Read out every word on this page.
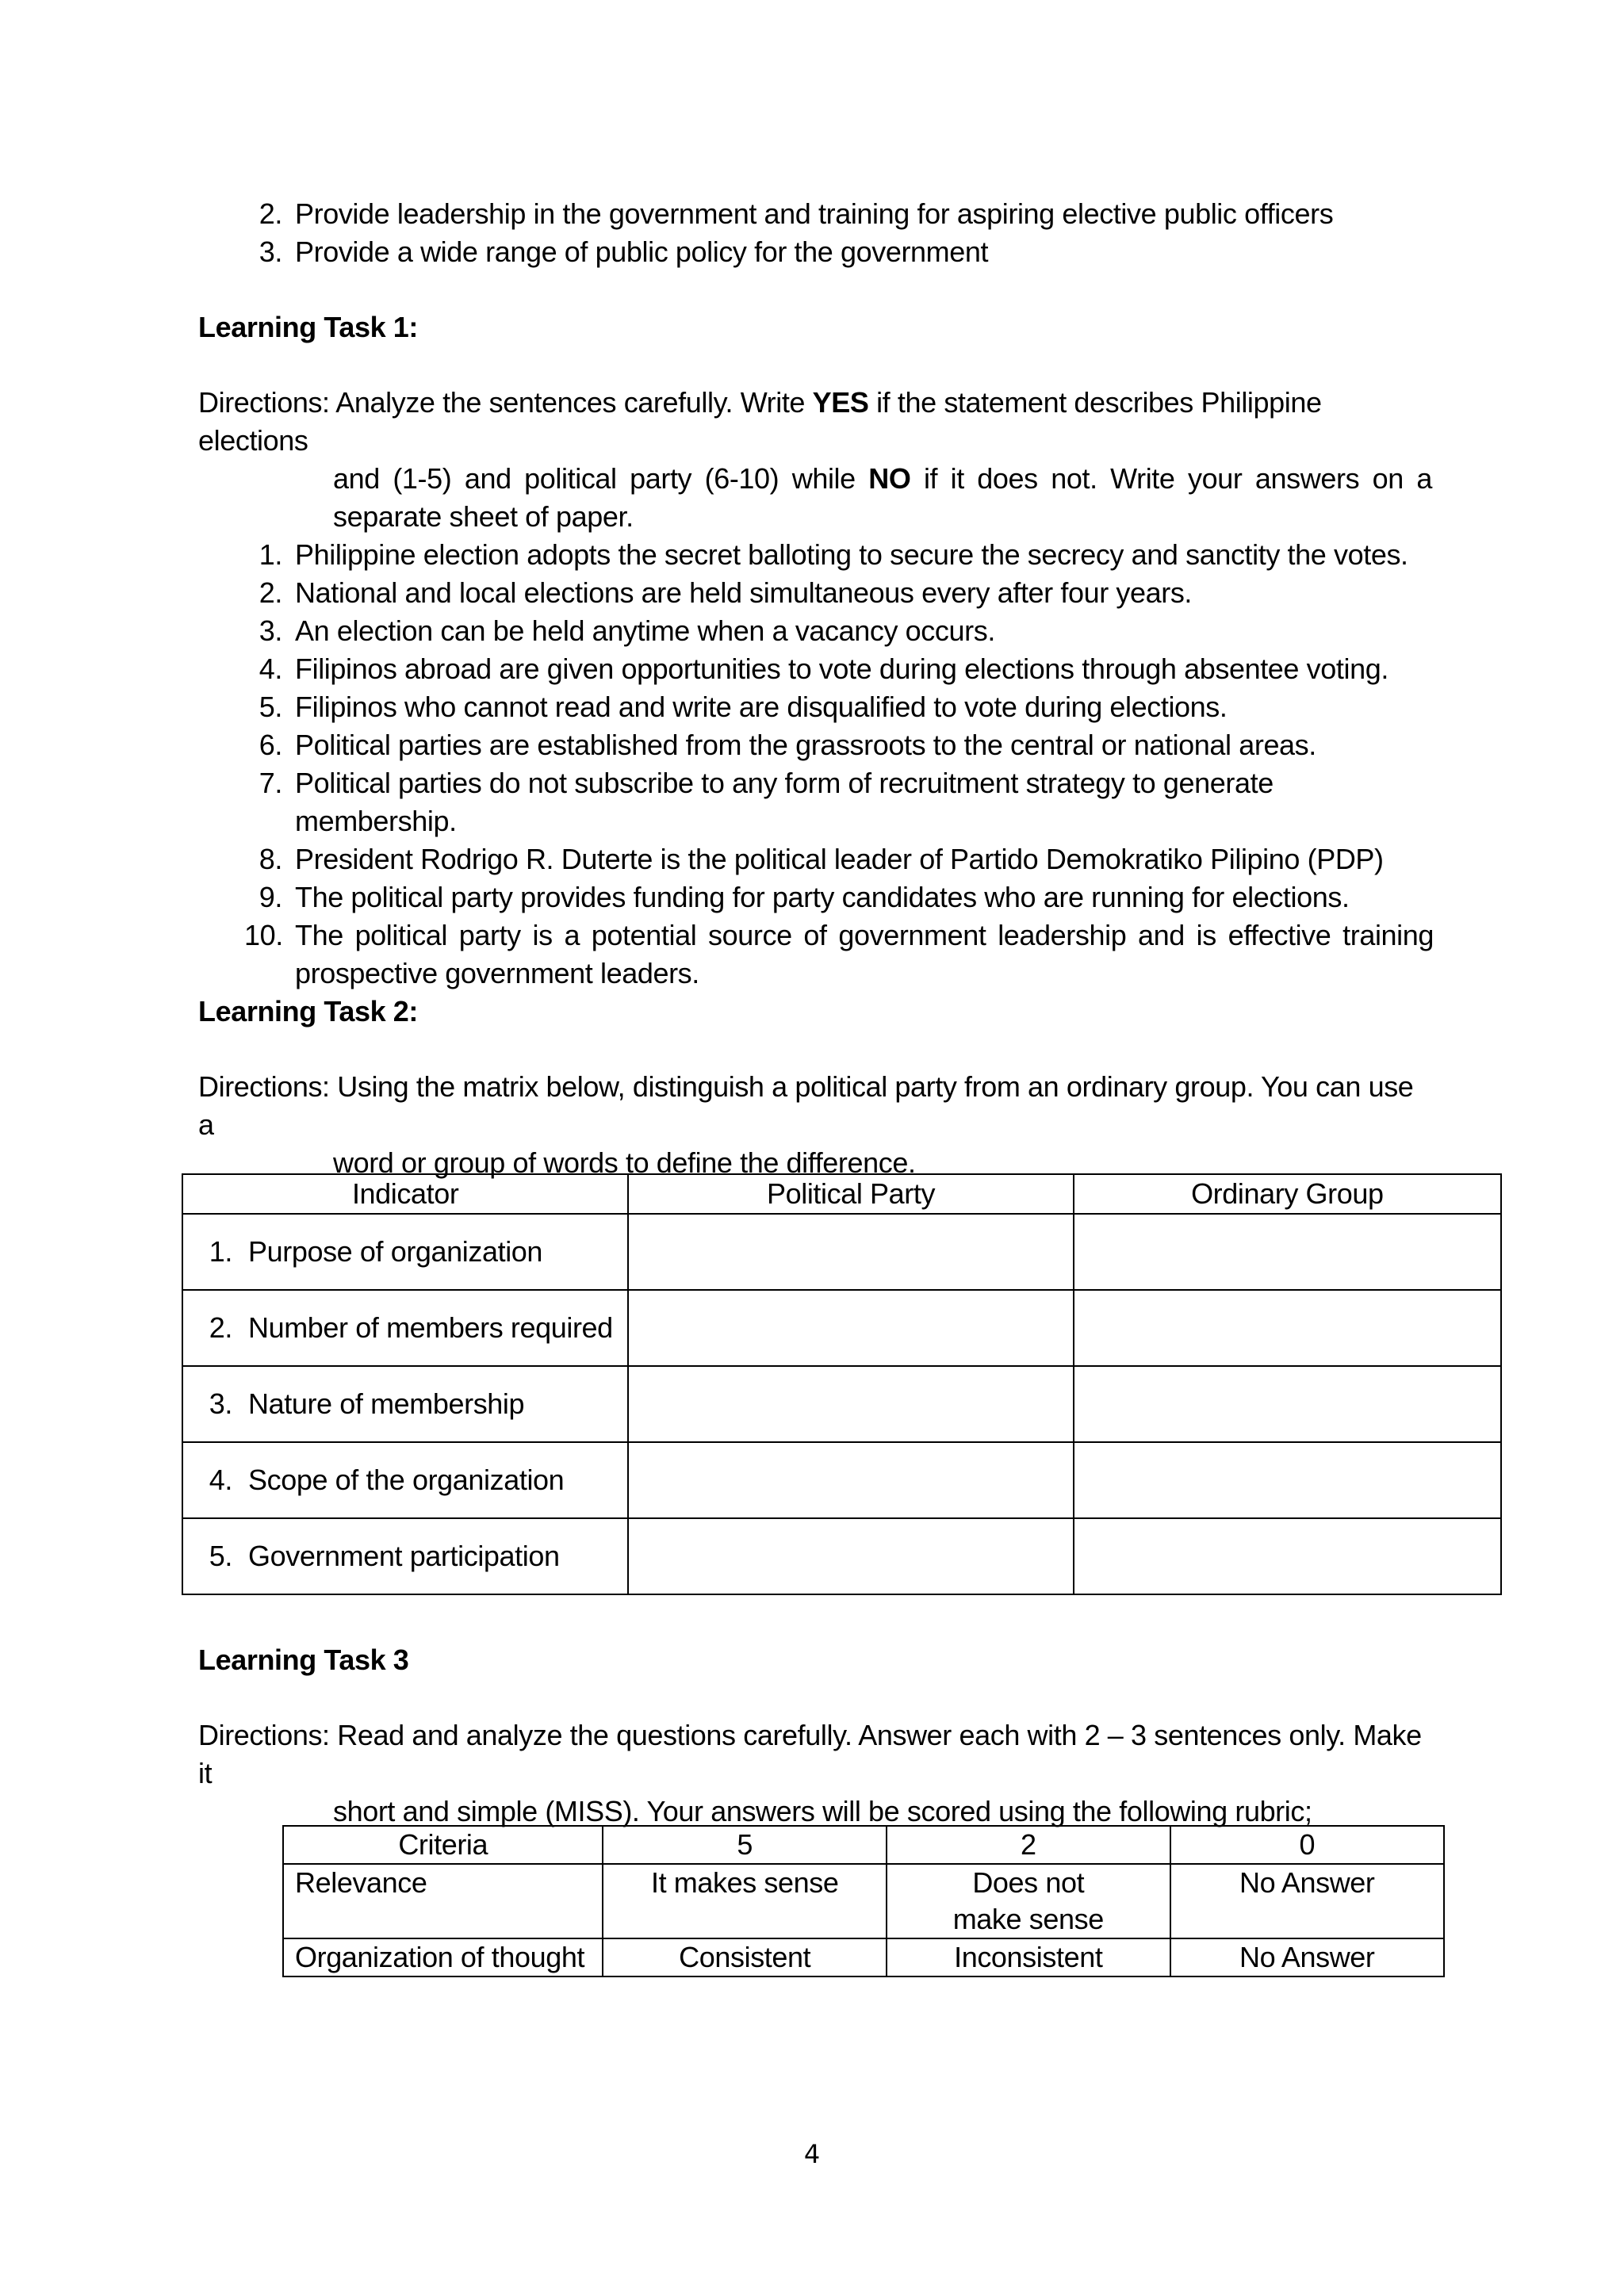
2. Provide leadership in the government and training for aspiring elective public officers
3. Provide a wide range of public policy for the government
Learning Task 1:
Directions: Analyze the sentences carefully. Write YES if the statement describes Philippine elections
and (1-5) and political party (6-10) while NO if it does not. Write your answers on a separate sheet of paper.
1. Philippine election adopts the secret balloting to secure the secrecy and sanctity the votes.
2. National and local elections are held simultaneous every after four years.
3. An election can be held anytime when a vacancy occurs.
4. Filipinos abroad are given opportunities to vote during elections through absentee voting.
5. Filipinos who cannot read and write are disqualified to vote during elections.
6. Political parties are established from the grassroots to the central or national areas.
7. Political parties do not subscribe to any form of recruitment strategy to generate membership.
8. President Rodrigo R. Duterte is the political leader of Partido Demokratiko Pilipino (PDP)
9. The political party provides funding for party candidates who are running for elections.
10. The political party is a potential source of government leadership and is effective training prospective government leaders.
Learning Task 2:
Directions: Using the matrix below, distinguish a political party from an ordinary group. You can use a
word or group of words to define the difference.
Indicator	Political Party	Ordinary Group
1. Purpose of organization		
2. Number of members required		
3. Nature of membership		
4. Scope of the organization		
5. Government participation		
Learning Task 3
Directions: Read and analyze the questions carefully. Answer each with 2 – 3 sentences only. Make it
short and simple (MISS). Your answers will be scored using the following rubric;
Criteria	5	2	0
Relevance	It makes sense	Does not make sense	No Answer
Organization of thought	Consistent	Inconsistent	No Answer
4
